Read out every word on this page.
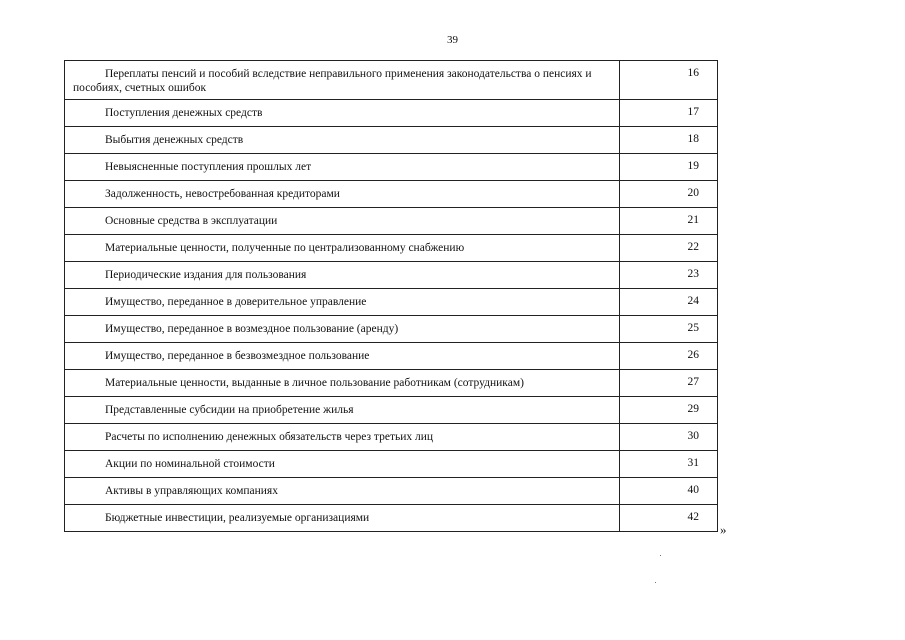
39
Переплаты пенсий и пособий вследствие неправильного применения законодательства о пенсиях и пособиях, счетных ошибок	16
Поступления денежных средств	17
Выбытия денежных средств	18
Невыясненные поступления прошлых лет	19
Задолженность, невостребованная кредиторами	20
Основные средства в эксплуатации	21
Материальные ценности, полученные по централизованному снабжению	22
Периодические издания для пользования	23
Имущество, переданное в доверительное управление	24
Имущество, переданное в возмездное пользование (аренду)	25
Имущество, переданное в безвозмездное пользование	26
Материальные ценности, выданные в личное пользование работникам (сотрудникам)	27
Представленные субсидии на приобретение жилья	29
Расчеты по исполнению денежных обязательств через третьих лиц	30
Акции по номинальной стоимости	31
Активы в управляющих компаниях	40
Бюджетные инвестиции, реализуемые организациями	42
»
